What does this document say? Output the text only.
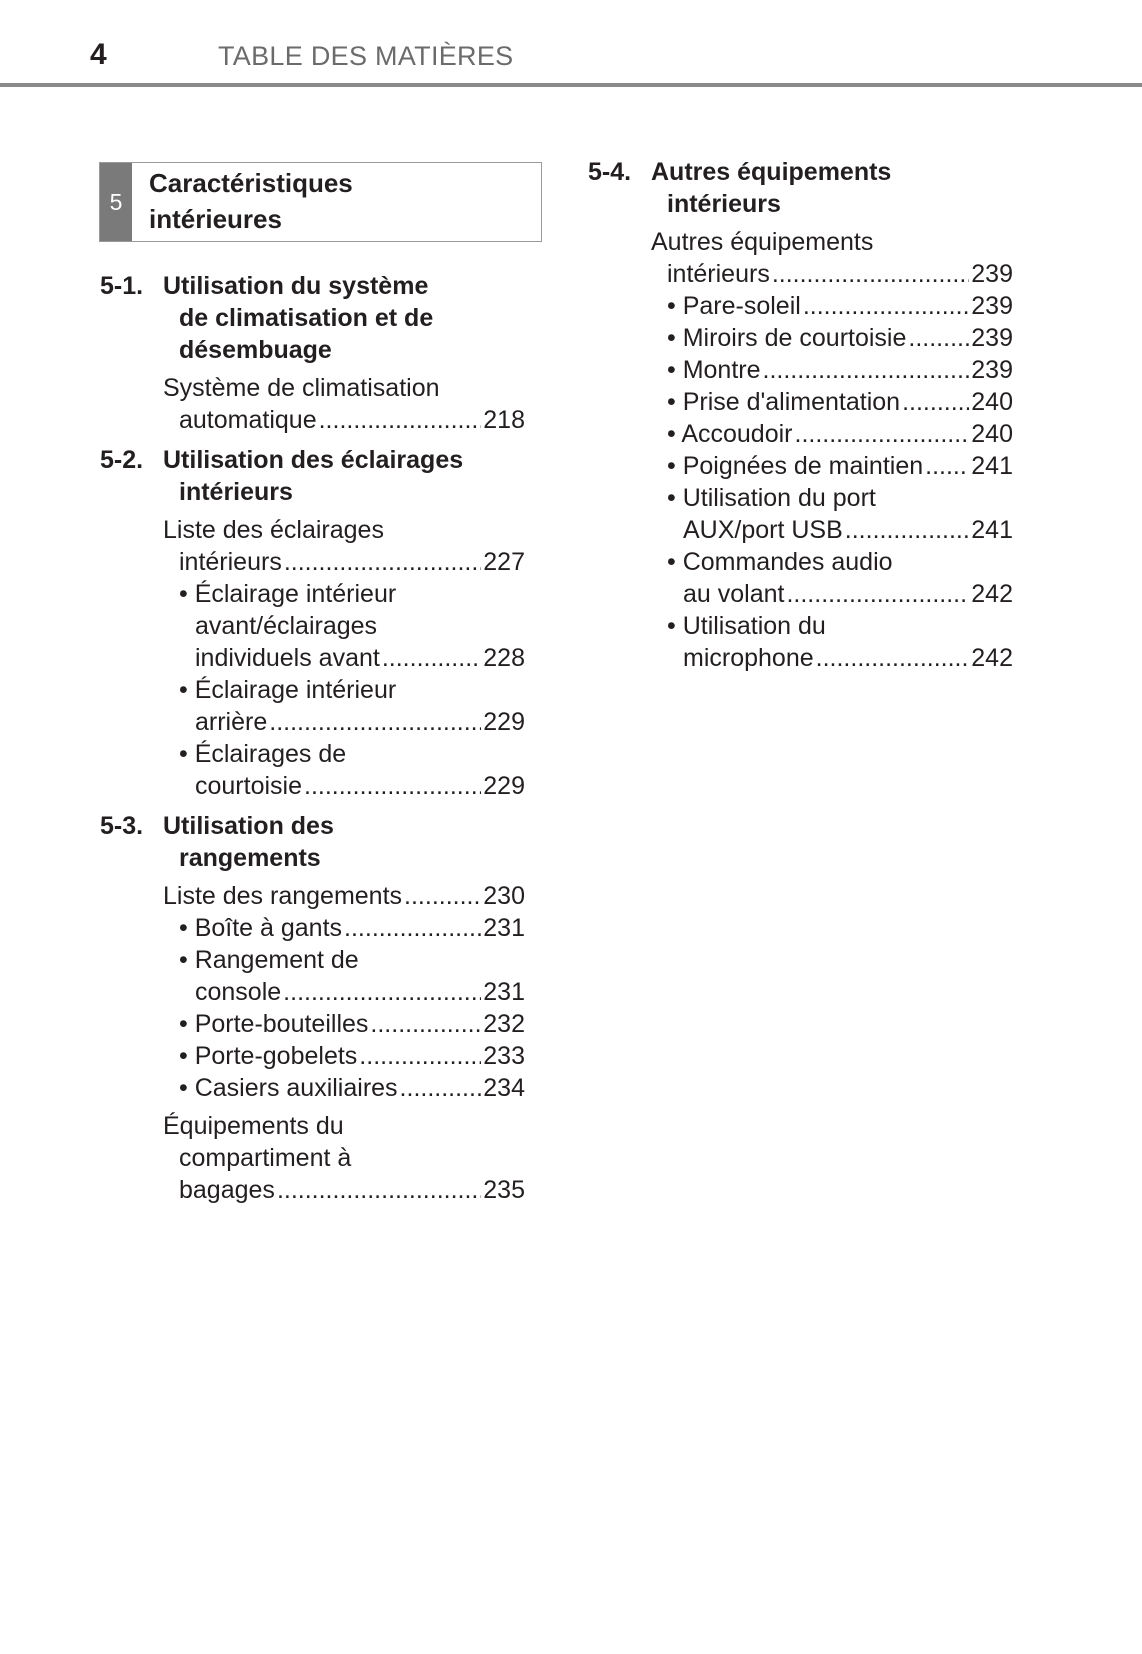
4	TABLE DES MATIÈRES
5
Caractéristiques
intérieures
5-1. Utilisation du système
de climatisation et de
désembuage
Système de climatisation
automatique .....	218
5-2. Utilisation des éclairages
intérieurs
Liste des éclairages
intérieurs .....	227
• Éclairage intérieur
avant/éclairages
individuels avant .....	228
• Éclairage intérieur
arrière .....	229
• Éclairages de
courtoisie .....	229
5-3. Utilisation des
rangements
Liste des rangements .....	230
• Boîte à gants .....	231
• Rangement de
console .....	231
• Porte-bouteilles .....	232
• Porte-gobelets .....	233
• Casiers auxiliaires .....	234
Équipements du
compartiment à
bagages .....	235
5-4. Autres équipements
intérieurs
Autres équipements
intérieurs .....	239
• Pare-soleil .....	239
• Miroirs de courtoisie .....	239
• Montre .....	239
• Prise d'alimentation .....	240
• Accoudoir .....	240
• Poignées de maintien ..... 241
• Utilisation du port
AUX/port USB .....	241
• Commandes audio
au volant .....	242
• Utilisation du
microphone .....	242
